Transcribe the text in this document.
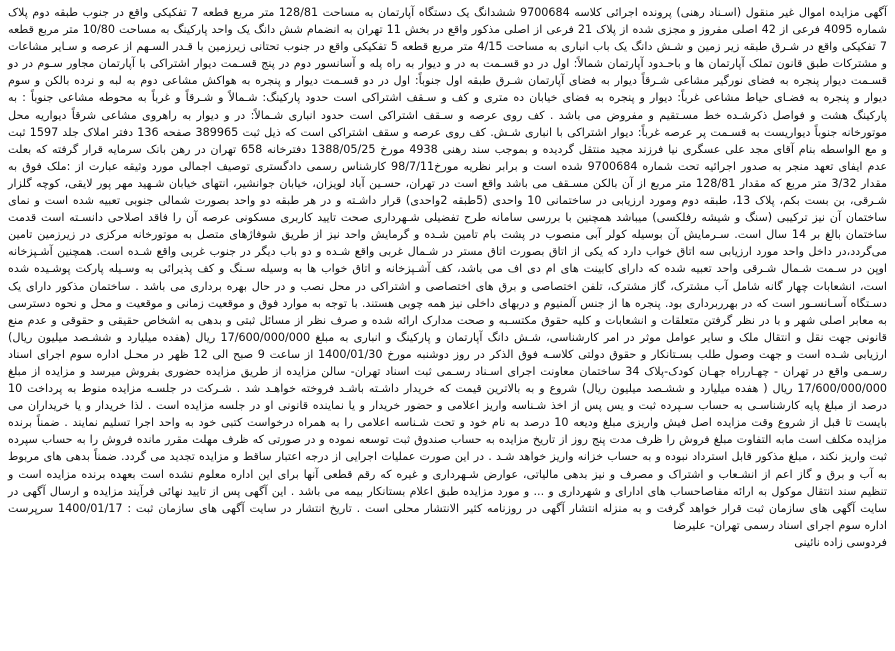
آگهی مزایده اموال غیر منقول (اسـناد رهنی) پرونده اجرائی کلاسه 9700684 ششدانگ یک دستگاه آپارتمان به مساحت 128/81 متر مربع قطعه 7 تفکیکی واقع در جنوب طبقه دوم پلاک شماره 4095 فرعی از 42 اصلی مفروز و مجزی شده از پلاک 21 فرعی از اصلی مذکور واقع در بخش 11 تهران به انضمام شش دانگ یک واحد پارکینگ به مساحت 10/80 متر مربع قطعه 7 تفکیکی واقع در شـرق طبقه زیر زمین و شـش دانگ یک باب انباری به مساحت 4/15 متر مربع قطعه 5 تفکیکی واقع در جنوب تحتانی زیرزمین با قـدر السـهم از عرصه و سـایر مشاعات و مشترکات طبق قانون تملک آپارتمان ها و باحـدود آپارتمان شمالاً: اول در دو قسـمت به در و دیوار به راه پله و آسانسور دوم در پنج قسـمت دیوار اشتراکی با آپارتمان مجاور سـوم در دو قسـمت دیوار پنجره به فضای نورگیر مشاعی شـرقاً دیوار به فضای آپارتمان شـرق طبقه اول جنوباً: اول در دو قسـمت دیوار و پنجره به هواکش مشاعی دوم به لبه و نرده بالکن و سوم دیوار و پنجره به فضـای حیاط مشاعی غرباً: دیوار و پنجره به فضای خیابان ده متری و کف و سـقف اشتراکی است حدود پارکینگ: شـمالاً و شـرقاً و غرباً به محوطه مشاعی جنوباً : به پارکینگ هشت و فواصل ذکرشـده خط مسـتقیم و مفروض می باشد . کف روی عرصه و سـقف اشتراکی است حدود انباری شـمالاً: در و دیوار به راهروی مشاعی شرقاً دیواریه محل موتورخانه جنوباً دیواریست به قسـمت پر عرصه غرباً: دیوار اشتراکی با انباری شـش. کف روی عرصه و سقف اشتراکی است که ذیل ثبت 389965 صفحه 136 دفتر املاک جلد 1597 ثبت و مع الواسطه بنام آقای مجد علی عسگری نیا فرزند مجید منتقل گردیده و بموجب سند رهنی 4938 مورخ 1388/05/25 دفترخانه 658 تهران در رهن بانک سرمایه قرار گرفته که بعلت عدم ایفای تعهد منجر به صدور اجرائیه تحت شماره 9700684 شده است و برابر نظریه مورخ98/7/11 کارشناس رسمی دادگستری توصیف اجمالی مورد وثیقه عبارت از :ملک فوق به مقدار 3/32 متر مربع که مقدار 128/81 متر مربع از آن بالکن مسـقف می باشد واقع است در تهران، حسـین آباد لویزان، خیابان جوانشیر، انتهای خیابان شـهید مهر پور لایقی، کوچه گلزار شـرقی، بن بست بکم، پلاک 13، طبقه دوم ومورد ارزیابی در ساختمانی 10 واحدی (5طبقه 2واحدی) قرار داشـته و در هر طبقه دو واحد بصورت شمالی جنوبی تعبیه شده است و نمای ساختمان آن نیز ترکیبی (سنگ و شیشه رفلکسی) میباشد همچنین با بررسی سامانه طرح تفضیلی شـهرداری صحت تایید کاربری مسکونی عرصه آن را فاقد اصلاحی دانسـته است قدمت ساختمان بالغ بر 14 سال است. سـرمایش آن بوسیله کولر آبی منصوب در پشت بام تامین شـده و گرمایش واحد نیز از طریق شوفاژهای متصل به موتورخانه مرکزی در زیرزمین تامین می‌گردد،در داخل واحد مورد ارزیابی سه اتاق خواب دارد که یکی از اتاق بصورت اتاق مستر در شـمال غربی واقع شـده و دو باب دیگر در جنوب غربی واقع شـده است. همچنین آشـپزخانه اوپن در سـمت شـمال شـرقی واحد تعبیه شده که دارای کابینت های ام دی اف می باشد، کف آشـپزخانه و اتاق خواب ها به وسیله سـنگ و کف پذیرائی به وسـیله پارکت پوشـیده شده است، انشعابات چهار گانه شامل آب مشترک، گاز مشترک، تلفن اختصاصی و برق های اختصاصی و اشتراکی در محل نصب و در حال بهره برداری می باشد . ساختمان مذکور دارای یک دسـتگاه آسـانسـور است که در بهرربرداری بود. پنجره ها از جنس آلمنیوم و دربهای داخلی نیز همه چوبی هستند. با توجه به موارد فوق و موقعیت زمانی و موقعیت و محل و نحوه دسترسی به معابر اصلی شهر و با در نظر گرفتن متعلقات و انشعابات و کلیه حقوق مکتسـبه و صحت مدارک ارائه شده و صرف نظر از مسائل ثبتی و بدهی به اشخاص حقیقی و حقوقی و عدم منع قانونی جهت نقل و انتقال ملک و سایر عوامل موثر در امر کارشناسی، شـش دانگ آپارتمان و پارکینگ و انباری به مبلغ 17/600/000/000 ریال (هفده میلیارد و ششـصد میلیون ریال) ارزیابی شـده است و جهت وصول طلب بسـتانکار و حقوق دولتی کلاسـه فوق الذکر در روز دوشنبه مورخ 1400/01/30 از ساعت 9 صبح الی 12 ظهر در محـل اداره سوم اجرای اسناد رسـمی واقع در تهران - چهـارراه جهـان کودک-پلاک 34 ساختمان معاونت اجرای اسـناد رسـمی ثبت اسناد تهران- سالن مزایده از طریق مزایده حضوری بفروش میرسد و مزایده از مبلغ 17/600/000/000 ریال ( هفده میلیارد و ششـصد میلیون ریال) شروع و به بالاترین قیمت که خریدار داشـته باشـد فروخته خواهـد شد . شـرکت در جلسـه مزایده منوط به پرداخت 10 درصد از مبلغ پایه کارشناسـی به حساب سـپرده ثبت و یس پس از اخذ شـناسه واریز اعلامی و حضور خریدار و یا نماینده قانونی او در جلسه مزایده است . لذا خریدار و یا خریداران می بایست تا قبل از شروع وقت مزایده اصل فیش واریزی مبلغ ودیعه 10 درصد به نام خود و تحت شـناسه اعلامی را به همراه درخواست کتبی خود به واحد اجرا تسلیم نمایند . ضمناً برنده مزایده مکلف است مابه التفاوت مبلغ فروش را ظرف مدت پنج روز از تاریخ مزایده به حساب صندوق ثبت توسعه نموده و در صورتی که ظرف مهلت مقرر مانده فروش را به حساب سپرده ثبت واریز نکند ، مبلغ مذکور قابل استرداد نبوده و به حساب خزانه واریز خواهد شـد . در این صورت عملیات اجرایی از درجه اعتبار ساقط و مزایده تجدید می گردد. ضمناً بدهی های مربوط به آب و برق و گاز اعم از انشـعاب و اشتراک و مصرف و نیز بدهی مالیاتی، عوارض شـهرداری و غیره که رقم قطعی آنها برای این اداره معلوم نشده است بعهده برنده مزایده است و تنظیم سند انتقال موکول به ارائه مفاصاحساب های ادارای و شهرداری و ... و مورد مزایده طبق اعلام بستانکار بیمه می باشد . این آگهی پس از تایید نهائی فرآیند مزایده و ارسال آگهی در سایت آگهی های سازمان ثبت قرار خواهد گرفت و به منزله انتشار آگهی در روزنامه کثیر الانتشار محلی است . تاریخ انتشار در سایت آگهی های سازمان ثبت : 1400/01/17 سرپرست اداره سوم اجرای اسناد رسمی تهران- علیرضا

فردوسی زاده نائینی
